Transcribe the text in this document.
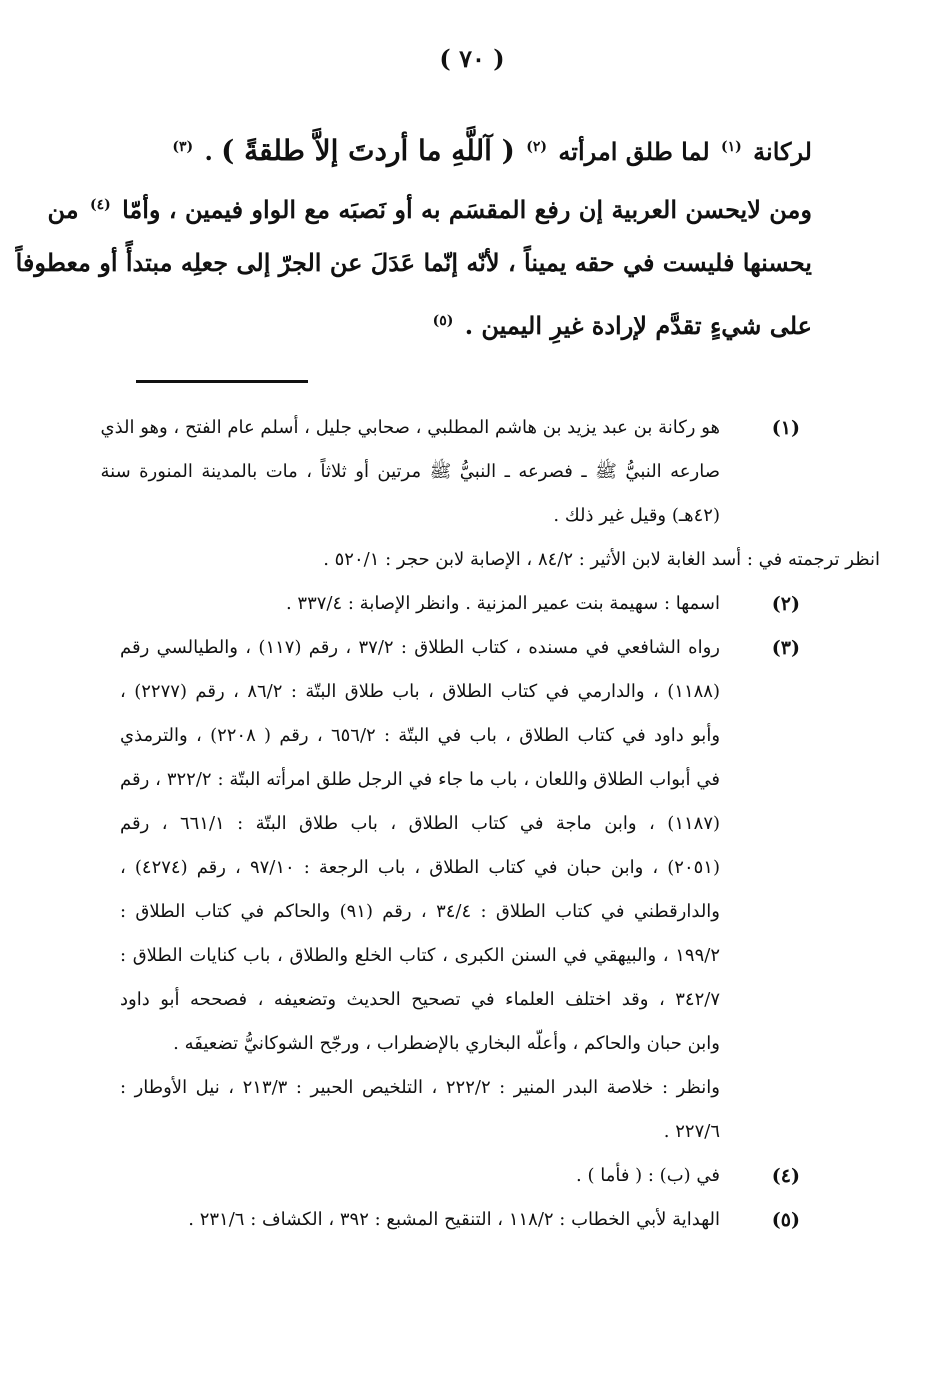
( ٧٠ )
لركانة $^{(١)}$ لما طلق امرأته $^{(٢)}$ ( آللَّهِ ما أردتَ إلاَّ طلقةً ) . $^{(٣)}$
ومن لايحسن العربية إن رفع المقسَم به أو نَصبَه مع الواو فيمين ، وأمّا $^{(٤)}$ من
يحسنها فليست في حقه يميناً ، لأنّه إنّما عَدَلَ عن الجرّ إلى جعلِه مبتدأً أو معطوفاً
على شيءٍ تقدَّم لإرادة غيرِ اليمين . $^{(٥)}$
(١)
هو ركانة بن عبد يزيد بن هاشم المطلبي ، صحابي جليل ، أسلم عام الفتح ، وهو الذي
صارعه النبيُّ ﷺ ـ فصرعه ـ النبيُّ ﷺ مرتين أو ثلاثاً ، مات بالمدينة المنورة سنة
(٤٢هـ) وقيل غير ذلك .
انظر ترجمته في : أسد الغابة لابن الأثير : ٨٤/٢ ، الإصابة لابن حجر : ٥٢٠/١ .
(٢)
اسمها : سهيمة بنت عمير المزنية . وانظر الإصابة : ٣٣٧/٤ .
(٣)
رواه الشافعي في مسنده ، كتاب الطلاق : ٣٧/٢ ، رقم (١١٧) ، والطيالسي رقم
(١١٨٨) ، والدارمي في كتاب الطلاق ، باب طلاق البتّة : ٨٦/٢ ، رقم (٢٢٧٧) ،
وأبو داود في كتاب الطلاق ، باب في البتّة : ٦٥٦/٢ ، رقم ( ٢٢٠٨) ، والترمذي
في أبواب الطلاق واللعان ، باب ما جاء في الرجل طلق امرأته البتّة : ٣٢٢/٢ ، رقم
(١١٨٧) ، وابن ماجة في كتاب الطلاق ، باب طلاق البتّة : ٦٦١/١ ، رقم
(٢٠٥١) ، وابن حبان في كتاب الطلاق ، باب الرجعة : ٩٧/١٠ ، رقم (٤٢٧٤) ،
والدارقطني في كتاب الطلاق : ٣٤/٤ ، رقم (٩١) والحاكم في كتاب الطلاق :
١٩٩/٢ ، والبيهقي في السنن الكبرى ، كتاب الخلع والطلاق ، باب كنايات الطلاق :
٣٤٢/٧ ، وقد اختلف العلماء في تصحيح الحديث وتضعيفه ، فصححه أبو داود
وابن حبان والحاكم ، وأعلّه البخاري بالإضطراب ، ورجّح الشوكانيُّ تضعيفَه .
وانظر : خلاصة البدر المنير : ٢٢٢/٢ ، التلخيص الحبير : ٢١٣/٣ ، نيل الأوطار :
٢٢٧/٦ .
(٤)
في (ب) : ( فأما ) .
(٥)
الهداية لأبي الخطاب : ١١٨/٢ ، التنقيح المشبع : ٣٩٢ ، الكشاف : ٢٣١/٦ .
